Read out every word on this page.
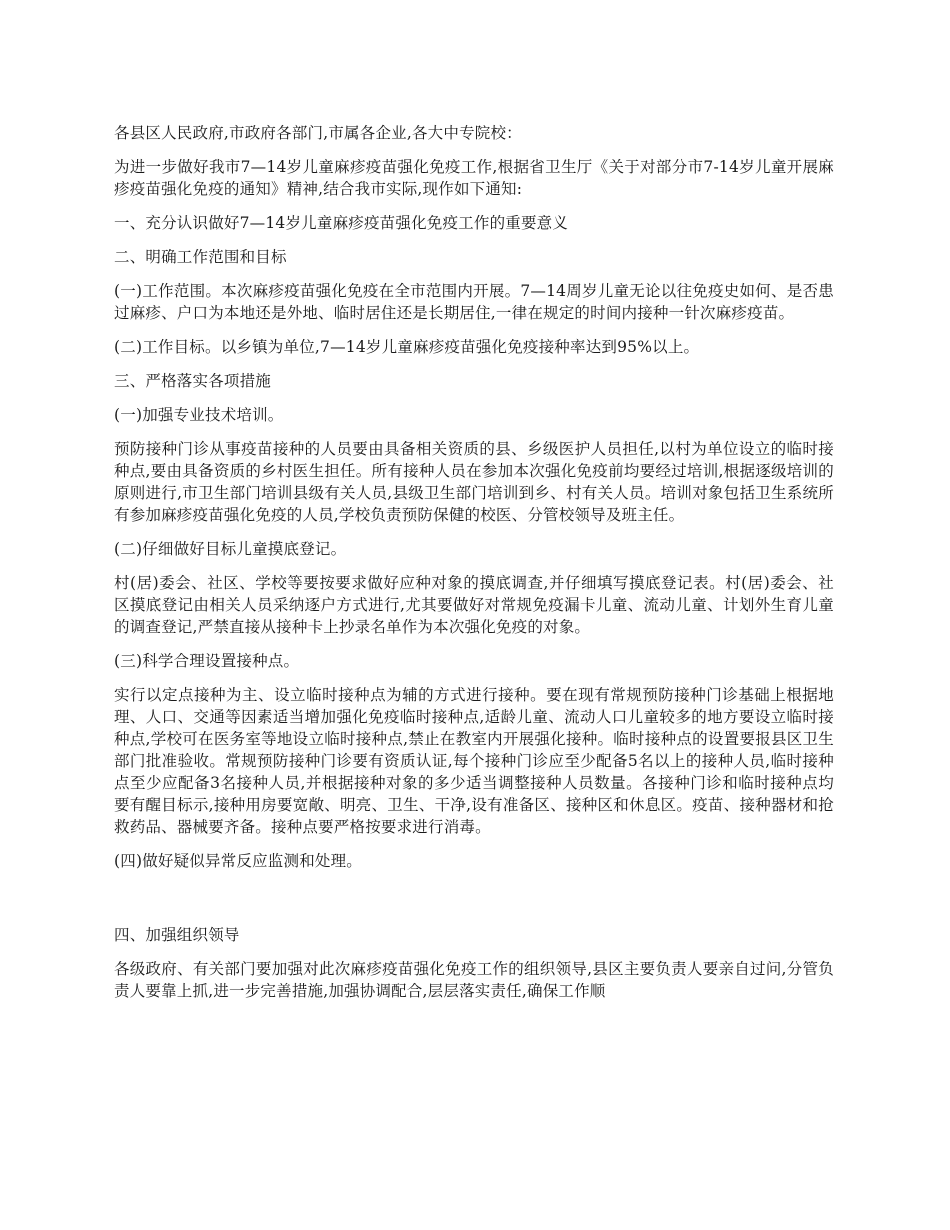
各县区人民政府,市政府各部门,市属各企业,各大中专院校：

为进一步做好我市7—14岁儿童麻疹疫苗强化免疫工作,根据省卫生厅《关于对部分市7-14岁儿童开展麻疹疫苗强化免疫的通知》精神,结合我市实际,现作如下通知:

一、充分认识做好7—14岁儿童麻疹疫苗强化免疫工作的重要意义

二、明确工作范围和目标

(一)工作范围。本次麻疹疫苗强化免疫在全市范围内开展。7—14周岁儿童无论以往免疫史如何、是否患过麻疹、户口为本地还是外地、临时居住还是长期居住,一律在规定的时间内接种一针次麻疹疫苗。

(二)工作目标。以乡镇为单位,7—14岁儿童麻疹疫苗强化免疫接种率达到95%以上。

三、严格落实各项措施

(一)加强专业技术培训。

预防接种门诊从事疫苗接种的人员要由具备相关资质的县、乡级医护人员担任,以村为单位设立的临时接种点,要由具备资质的乡村医生担任。所有接种人员在参加本次强化免疫前均要经过培训,根据逐级培训的原则进行,市卫生部门培训县级有关人员,县级卫生部门培训到乡、村有关人员。培训对象包括卫生系统所有参加麻疹疫苗强化免疫的人员,学校负责预防保健的校医、分管校领导及班主任。

(二)仔细做好目标儿童摸底登记。

村(居)委会、社区、学校等要按要求做好应种对象的摸底调查,并仔细填写摸底登记表。村(居)委会、社区摸底登记由相关人员采纳逐户方式进行,尤其要做好对常规免疫漏卡儿童、流动儿童、计划外生育儿童的调查登记,严禁直接从接种卡上抄录名单作为本次强化免疫的对象。

(三)科学合理设置接种点。

实行以定点接种为主、设立临时接种点为辅的方式进行接种。要在现有常规预防接种门诊基础上根据地理、人口、交通等因素适当增加强化免疫临时接种点,适龄儿童、流动人口儿童较多的地方要设立临时接种点,学校可在医务室等地设立临时接种点,禁止在教室内开展强化接种。临时接种点的设置要报县区卫生部门批准验收。常规预防接种门诊要有资质认证,每个接种门诊应至少配备5名以上的接种人员,临时接种点至少应配备3名接种人员,并根据接种对象的多少适当调整接种人员数量。各接种门诊和临时接种点均要有醒目标示,接种用房要宽敞、明亮、卫生、干净,设有准备区、接种区和休息区。疫苗、接种器材和抢救药品、器械要齐备。接种点要严格按要求进行消毒。

(四)做好疑似异常反应监测和处理。

四、加强组织领导

各级政府、有关部门要加强对此次麻疹疫苗强化免疫工作的组织领导,县区主要负责人要亲自过问,分管负责人要靠上抓,进一步完善措施,加强协调配合,层层落实责任,确保工作顺
